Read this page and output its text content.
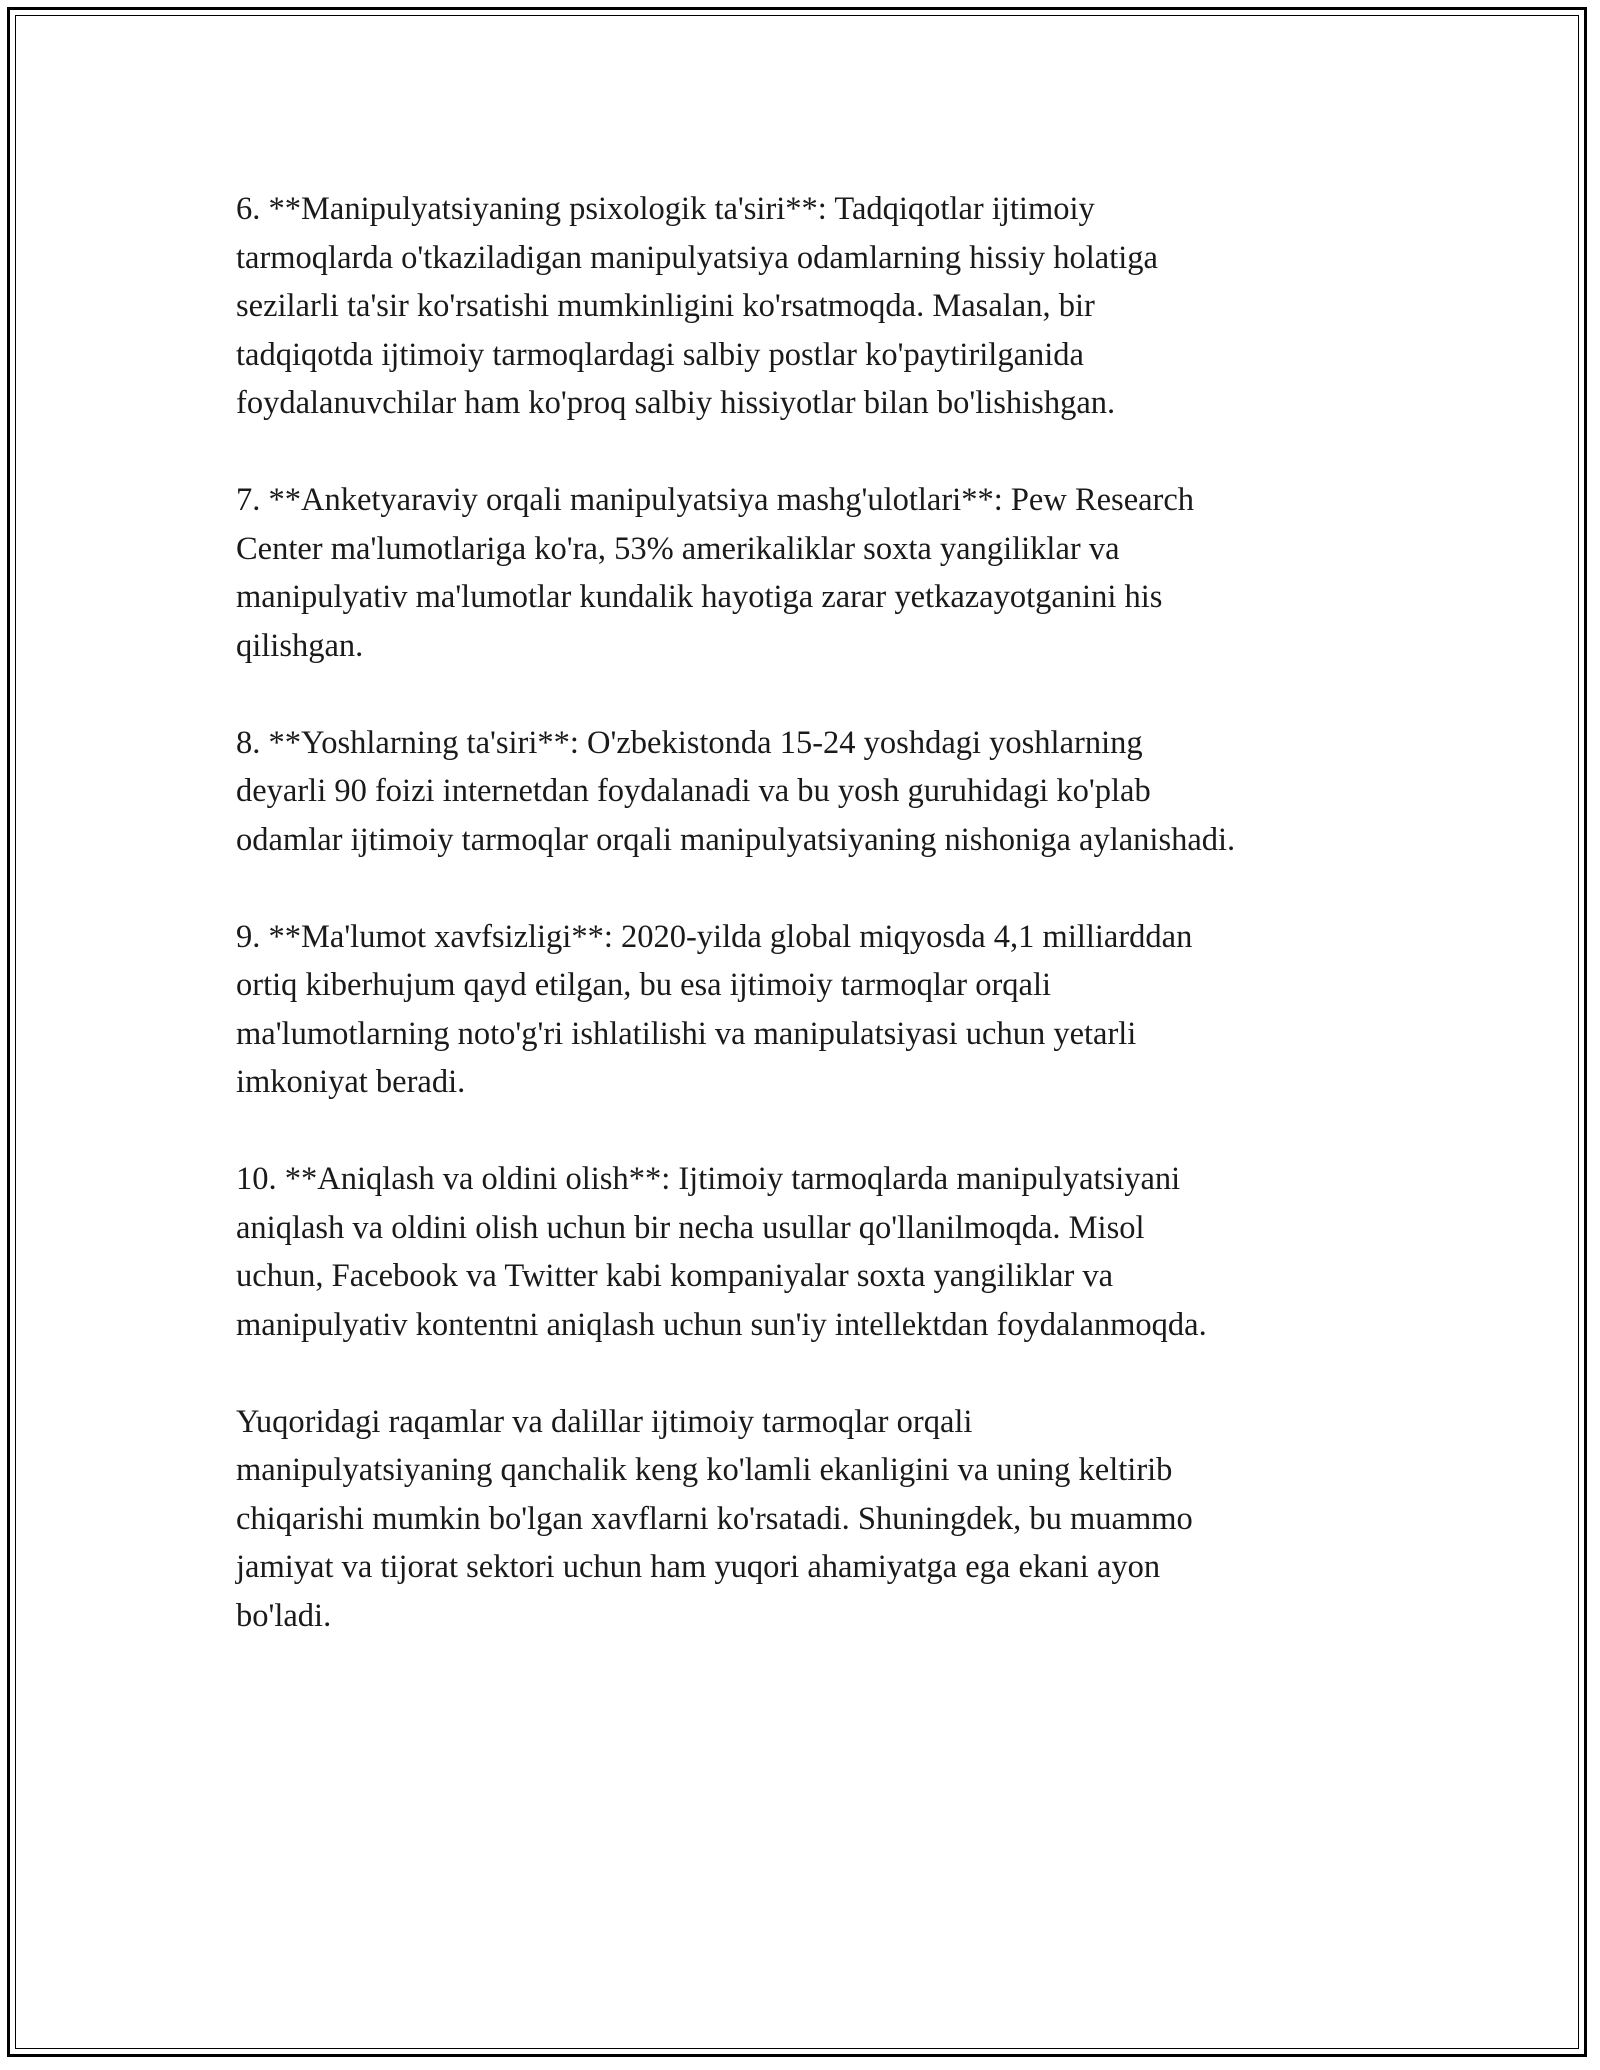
6. **Manipulyatsiyaning psixologik ta'siri**: Tadqiqotlar ijtimoiy
tarmoqlarda o'tkaziladigan manipulyatsiya odamlarning hissiy holatiga
sezilarli ta'sir ko'rsatishi mumkinligini ko'rsatmoqda. Masalan, bir
tadqiqotda ijtimoiy tarmoqlardagi salbiy postlar ko'paytirilganida
foydalanuvchilar ham ko'proq salbiy hissiyotlar bilan bo'lishishgan.

7. **Anketyaraviy orqali manipulyatsiya mashg'ulotlari**: Pew Research
Center ma'lumotlariga ko'ra, 53% amerikaliklar soxta yangiliklar va
manipulyativ ma'lumotlar kundalik hayotiga zarar yetkazayotganini his
qilishgan.

8. **Yoshlarning ta'siri**: O'zbekistonda 15-24 yoshdagi yoshlarning
deyarli 90 foizi internetdan foydalanadi va bu yosh guruhidagi ko'plab
odamlar ijtimoiy tarmoqlar orqali manipulyatsiyaning nishoniga aylanishadi.

9. **Ma'lumot xavfsizligi**: 2020-yilda global miqyosda 4,1 milliarddan
ortiq kiberhujum qayd etilgan, bu esa ijtimoiy tarmoqlar orqali
ma'lumotlarning noto'g'ri ishlatilishi va manipulatsiyasi uchun yetarli
imkoniyat beradi.

10. **Aniqlash va oldini olish**: Ijtimoiy tarmoqlarda manipulyatsiyani
aniqlash va oldini olish uchun bir necha usullar qo'llanilmoqda. Misol
uchun, Facebook va Twitter kabi kompaniyalar soxta yangiliklar va
manipulyativ kontentni aniqlash uchun sun'iy intellektdan foydalanmoqda.

Yuqoridagi raqamlar va dalillar ijtimoiy tarmoqlar orqali
manipulyatsiyaning qanchalik keng ko'lamli ekanligini va uning keltirib
chiqarishi mumkin bo'lgan xavflarni ko'rsatadi. Shuningdek, bu muammo
jamiyat va tijorat sektori uchun ham yuqori ahamiyatga ega ekani ayon
bo'ladi.
